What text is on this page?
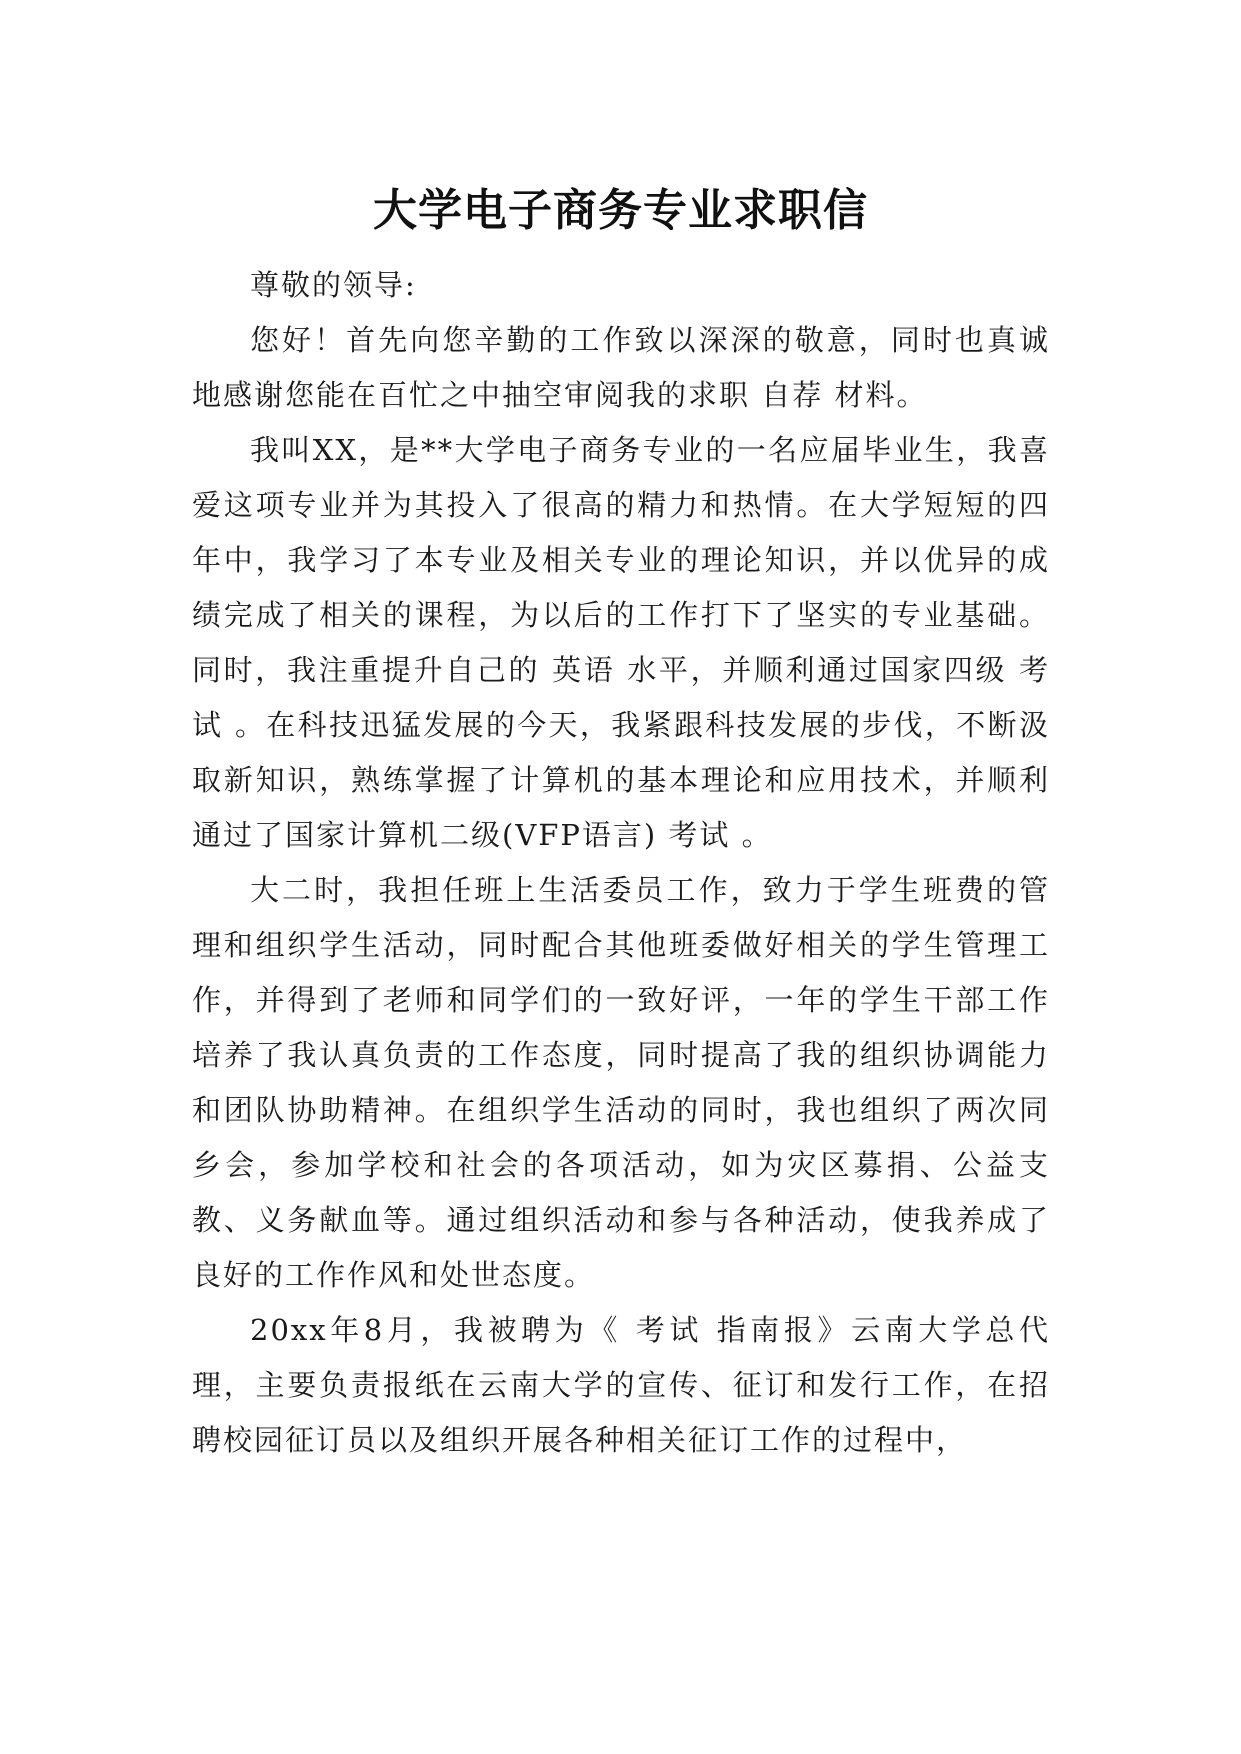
大学电子商务专业求职信

尊敬的领导:

您好！首先向您辛勤的工作致以深深的敬意，同时也真诚地感谢您能在百忙之中抽空审阅我的求职 自荐 材料。

我叫XX，是**大学电子商务专业的一名应届毕业生，我喜爱这项专业并为其投入了很高的精力和热情。在大学短短的四年中，我学习了本专业及相关专业的理论知识，并以优异的成绩完成了相关的课程，为以后的工作打下了坚实的专业基础。同时，我注重提升自己的 英语 水平，并顺利通过国家四级 考试 。在科技迅猛发展的今天，我紧跟科技发展的步伐，不断汲取新知识，熟练掌握了计算机的基本理论和应用技术，并顺利通过了国家计算机二级(VFP语言) 考试 。

大二时，我担任班上生活委员工作，致力于学生班费的管理和组织学生活动，同时配合其他班委做好相关的学生管理工作，并得到了老师和同学们的一致好评，一年的学生干部工作培养了我认真负责的工作态度，同时提高了我的组织协调能力和团队协助精神。在组织学生活动的同时，我也组织了两次同乡会，参加学校和社会的各项活动，如为灾区募捐、公益支教、义务献血等。通过组织活动和参与各种活动，使我养成了良好的工作作风和处世态度。

20xx年8月，我被聘为《 考试 指南报》云南大学总代理，主要负责报纸在云南大学的宣传、征订和发行工作，在招聘校园征订员以及组织开展各种相关征订工作的过程中，
